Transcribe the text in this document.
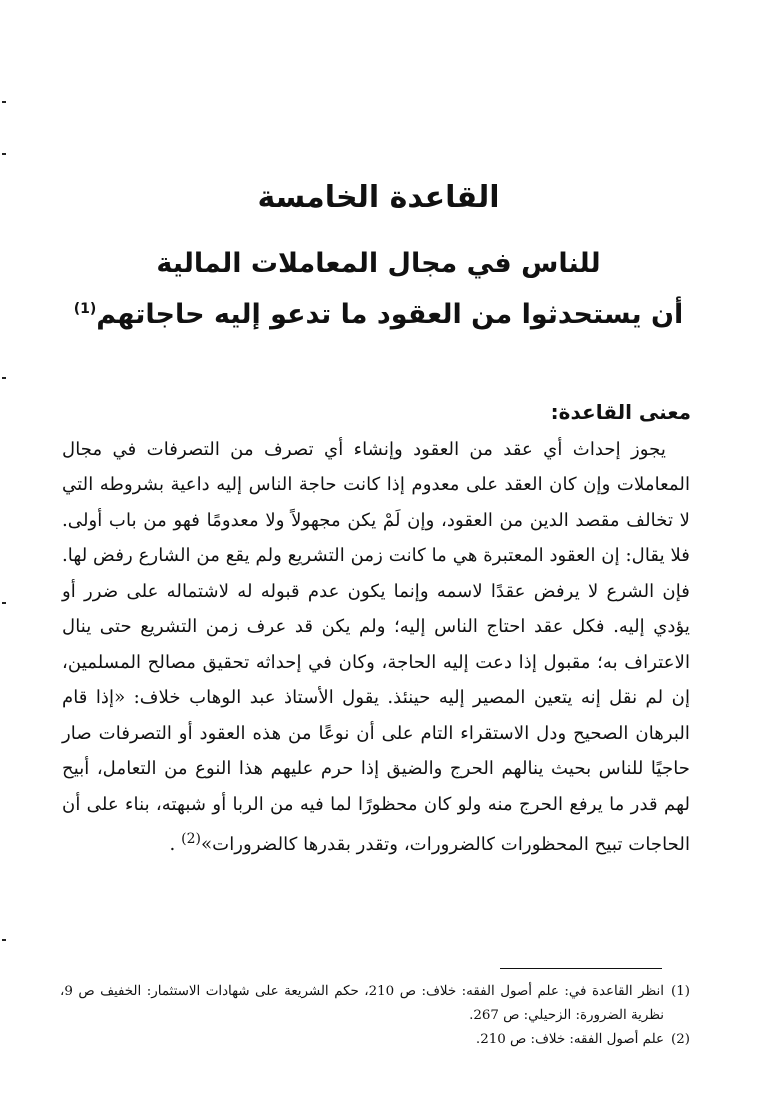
القاعدة الخامسة
للناس في مجال المعاملات المالية
أن يستحدثوا من العقود ما تدعو إليه حاجاتهم$^{(1)}$
معنى القاعدة:

يجوز إحداث أي عقد من العقود وإنشاء أي تصرف من التصرفات في مجال المعاملات وإن كان العقد على معدوم إذا كانت حاجة الناس إليه داعية بشروطه التي لا تخالف مقصد الدين من العقود، وإن لَمْ يكن مجهولاً ولا معدومًا فهو من باب أولى. فلا يقال: إن العقود المعتبرة هي ما كانت زمن التشريع ولم يقع من الشارع رفض لها. فإن الشرع لا يرفض عقدًا لاسمه وإنما يكون عدم قبوله له لاشتماله على ضرر أو يؤدي إليه. فكل عقد احتاج الناس إليه؛ ولم يكن قد عرف زمن التشريع حتى ينال الاعتراف به؛ مقبول إذا دعت إليه الحاجة، وكان في إحداثه تحقيق مصالح المسلمين، إن لم نقل إنه يتعين المصير إليه حينئذ. يقول الأستاذ عبد الوهاب خلاف: «إذا قام البرهان الصحيح ودل الاستقراء التام على أن نوعًا من هذه العقود أو التصرفات صار حاجيًا للناس بحيث ينالهم الحرج والضيق إذا حرم عليهم هذا النوع من التعامل، أبيح لهم قدر ما يرفع الحرج منه ولو كان محظورًا لما فيه من الربا أو شبهته، بناء على أن الحاجات تبيح المحظورات كالضرورات، وتقدر بقدرها كالضرورات»$^{(2)}$ .

(1)
انظر القاعدة في: علم أصول الفقه: خلاف: ص 210، حكم الشريعة على شهادات الاستثمار: الخفيف ص 9، نظرية الضرورة: الزحيلي: ص 267.
(2)
علم أصول الفقه: خلاف: ص 210.
